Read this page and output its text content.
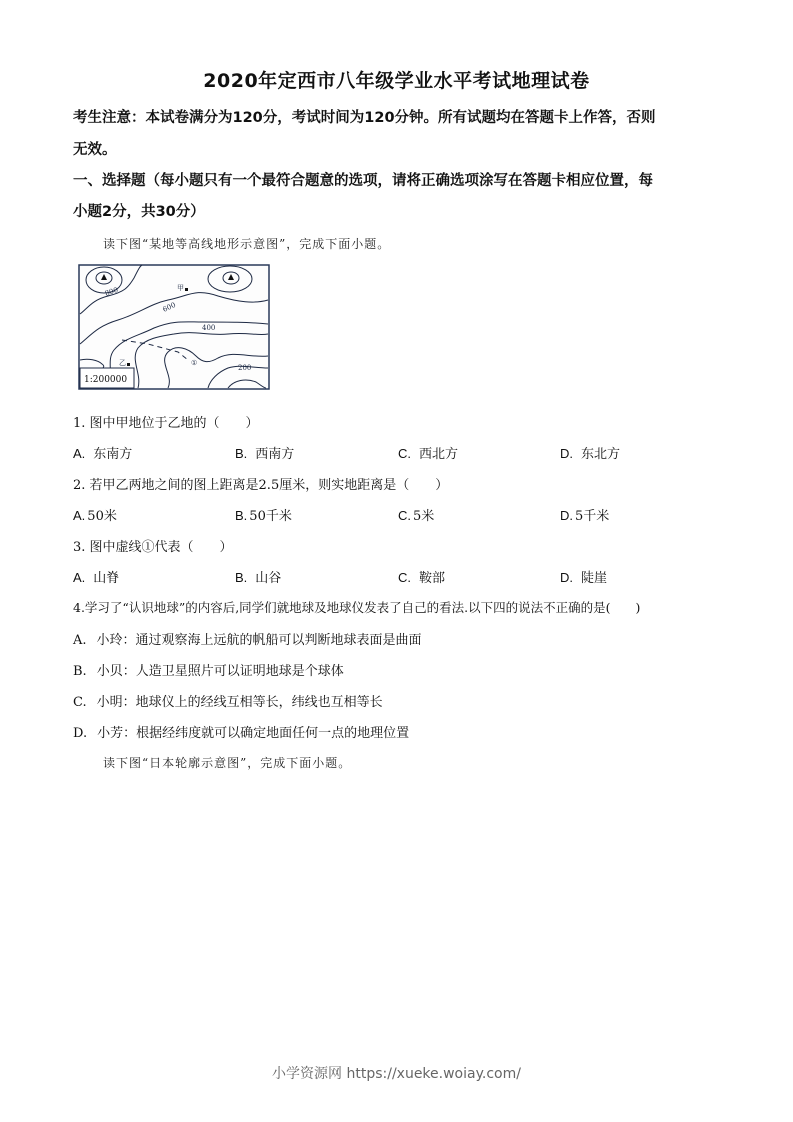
2020年定西市八年级学业水平考试地理试卷
考生注意：本试卷满分为120分，考试时间为120分钟。所有试题均在答题卡上作答，否则
无效。
一、选择题（每小题只有一个最符合题意的选项，请将正确选项涂写在答题卡相应位置，每
小题2分，共30分）
读下图“某地等高线地形示意图”，完成下面小题。
800
600
400
200
甲
乙	①
1:200000
1. 图中甲地位于乙地的（　　）
A. 东南方	B. 西南方	C. 西北方	D. 东北方
2. 若甲乙两地之间的图上距离是2.5厘米，则实地距离是（　　）
A. 50米	B. 50千米	C. 5米	D. 5千米
3. 图中虚线①代表（　　）
A. 山脊	B. 山谷	C. 鞍部	D. 陡崖
4.学习了“认识地球”的内容后,同学们就地球及地球仪发表了自己的看法.以下四的说法不正确的是(　　)
A. 小玲：通过观察海上远航的帆船可以判断地球表面是曲面
B. 小贝：人造卫星照片可以证明地球是个球体
C. 小明：地球仪上的经线互相等长，纬线也互相等长
D. 小芳：根据经纬度就可以确定地面任何一点的地理位置
读下图“日本轮廓示意图”，完成下面小题。
小学资源网 https://xueke.woiay.com/
